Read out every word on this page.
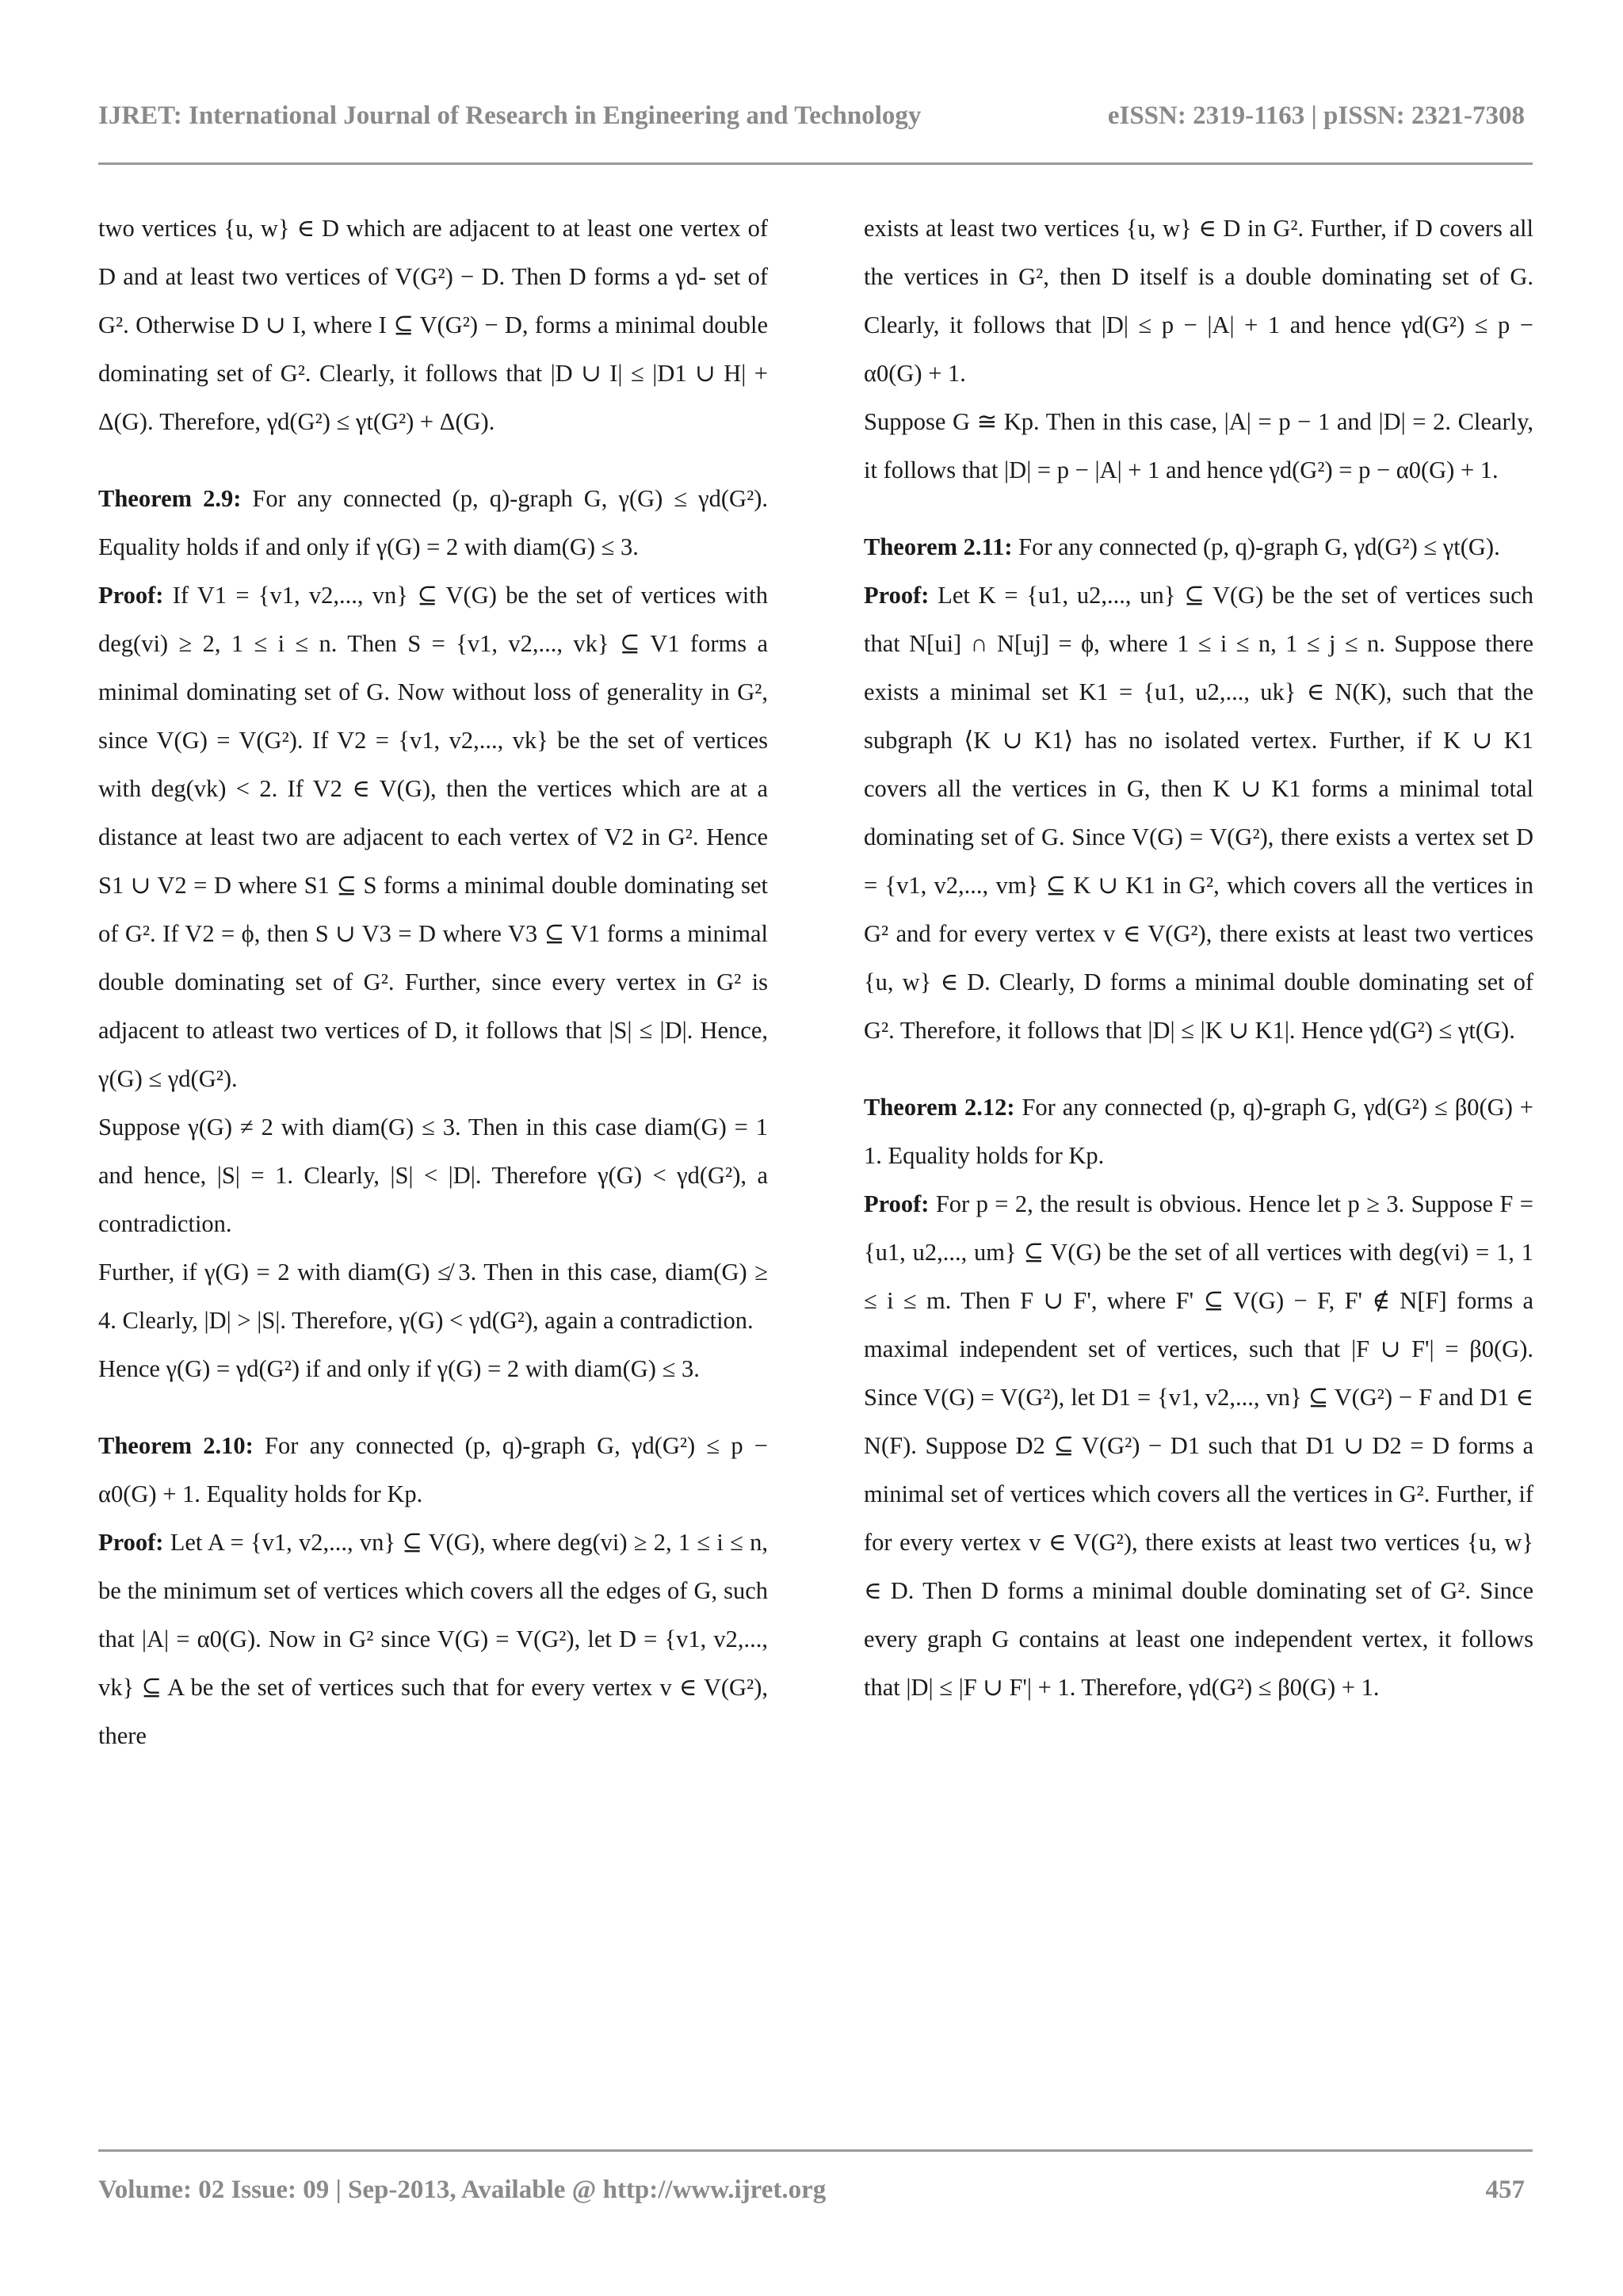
IJRET: International Journal of Research in Engineering and Technology	eISSN: 2319-1163 | pISSN: 2321-7308

two vertices {u, w} ∈ D which are adjacent to at least one vertex of D and at least two vertices of V(G²) − D. Then D forms a γd- set of G². Otherwise D ∪ I, where I ⊆ V(G²) − D, forms a minimal double dominating set of G². Clearly, it follows that |D ∪ I| ≤ |D1 ∪ H| + Δ(G). Therefore, γd(G²) ≤ γt(G²) + Δ(G).

Theorem 2.9: For any connected (p, q)-graph G, γ(G) ≤ γd(G²). Equality holds if and only if γ(G) = 2 with diam(G) ≤ 3.

Proof: If V1 = {v1, v2,..., vn} ⊆ V(G) be the set of vertices with deg(vi) ≥ 2, 1 ≤ i ≤ n. Then S = {v1, v2,..., vk} ⊆ V1 forms a minimal dominating set of G. Now without loss of generality in G², since V(G) = V(G²). If V2 = {v1, v2,..., vk} be the set of vertices with deg(vk) < 2. If V2 ∈ V(G), then the vertices which are at a distance at least two are adjacent to each vertex of V2 in G². Hence S1 ∪ V2 = D where S1 ⊆ S forms a minimal double dominating set of G². If V2 = ϕ, then S ∪ V3 = D where V3 ⊆ V1 forms a minimal double dominating set of G². Further, since every vertex in G² is adjacent to atleast two vertices of D, it follows that |S| ≤ |D|. Hence, γ(G) ≤ γd(G²).

Suppose γ(G) ≠ 2 with diam(G) ≤ 3. Then in this case diam(G) = 1 and hence, |S| = 1. Clearly, |S| < |D|. Therefore γ(G) < γd(G²), a contradiction.

Further, if γ(G) = 2 with diam(G) ≰ 3. Then in this case, diam(G) ≥ 4. Clearly, |D| > |S|. Therefore, γ(G) < γd(G²), again a contradiction.

Hence γ(G) = γd(G²) if and only if γ(G) = 2 with diam(G) ≤ 3.

Theorem 2.10: For any connected (p, q)-graph G, γd(G²) ≤ p − α0(G) + 1. Equality holds for Kp.

Proof: Let A = {v1, v2,..., vn} ⊆ V(G), where deg(vi) ≥ 2, 1 ≤ i ≤ n, be the minimum set of vertices which covers all the edges of G, such that |A| = α0(G). Now in G² since V(G) = V(G²), let D = {v1, v2,..., vk} ⊆ A be the set of vertices such that for every vertex v ∈ V(G²), there

exists at least two vertices {u, w} ∈ D in G². Further, if D covers all the vertices in G², then D itself is a double dominating set of G. Clearly, it follows that |D| ≤ p − |A| + 1 and hence γd(G²) ≤ p − α0(G) + 1.

Suppose G ≅ Kp. Then in this case, |A| = p − 1 and |D| = 2. Clearly, it follows that |D| = p − |A| + 1 and hence γd(G²) = p − α0(G) + 1.

Theorem 2.11: For any connected (p, q)-graph G, γd(G²) ≤ γt(G).

Proof: Let K = {u1, u2,..., un} ⊆ V(G) be the set of vertices such that N[ui] ∩ N[uj] = ϕ, where 1 ≤ i ≤ n, 1 ≤ j ≤ n. Suppose there exists a minimal set K1 = {u1, u2,..., uk} ∈ N(K), such that the subgraph ⟨K ∪ K1⟩ has no isolated vertex. Further, if K ∪ K1 covers all the vertices in G, then K ∪ K1 forms a minimal total dominating set of G. Since V(G) = V(G²), there exists a vertex set D = {v1, v2,..., vm} ⊆ K ∪ K1 in G², which covers all the vertices in G² and for every vertex v ∈ V(G²), there exists at least two vertices {u, w} ∈ D. Clearly, D forms a minimal double dominating set of G². Therefore, it follows that |D| ≤ |K ∪ K1|. Hence γd(G²) ≤ γt(G).

Theorem 2.12: For any connected (p, q)-graph G, γd(G²) ≤ β0(G) + 1. Equality holds for Kp.

Proof: For p = 2, the result is obvious. Hence let p ≥ 3. Suppose F = {u1, u2,..., um} ⊆ V(G) be the set of all vertices with deg(vi) = 1, 1 ≤ i ≤ m. Then F ∪ F', where F' ⊆ V(G) − F, F' ∉ N[F] forms a maximal independent set of vertices, such that |F ∪ F'| = β0(G). Since V(G) = V(G²), let D1 = {v1, v2,..., vn} ⊆ V(G²) − F and D1 ∈ N(F). Suppose D2 ⊆ V(G²) − D1 such that D1 ∪ D2 = D forms a minimal set of vertices which covers all the vertices in G². Further, if for every vertex v ∈ V(G²), there exists at least two vertices {u, w} ∈ D. Then D forms a minimal double dominating set of G². Since every graph G contains at least one independent vertex, it follows that |D| ≤ |F ∪ F'| + 1. Therefore, γd(G²) ≤ β0(G) + 1.

Volume: 02 Issue: 09 | Sep-2013, Available @ http://www.ijret.org	457
